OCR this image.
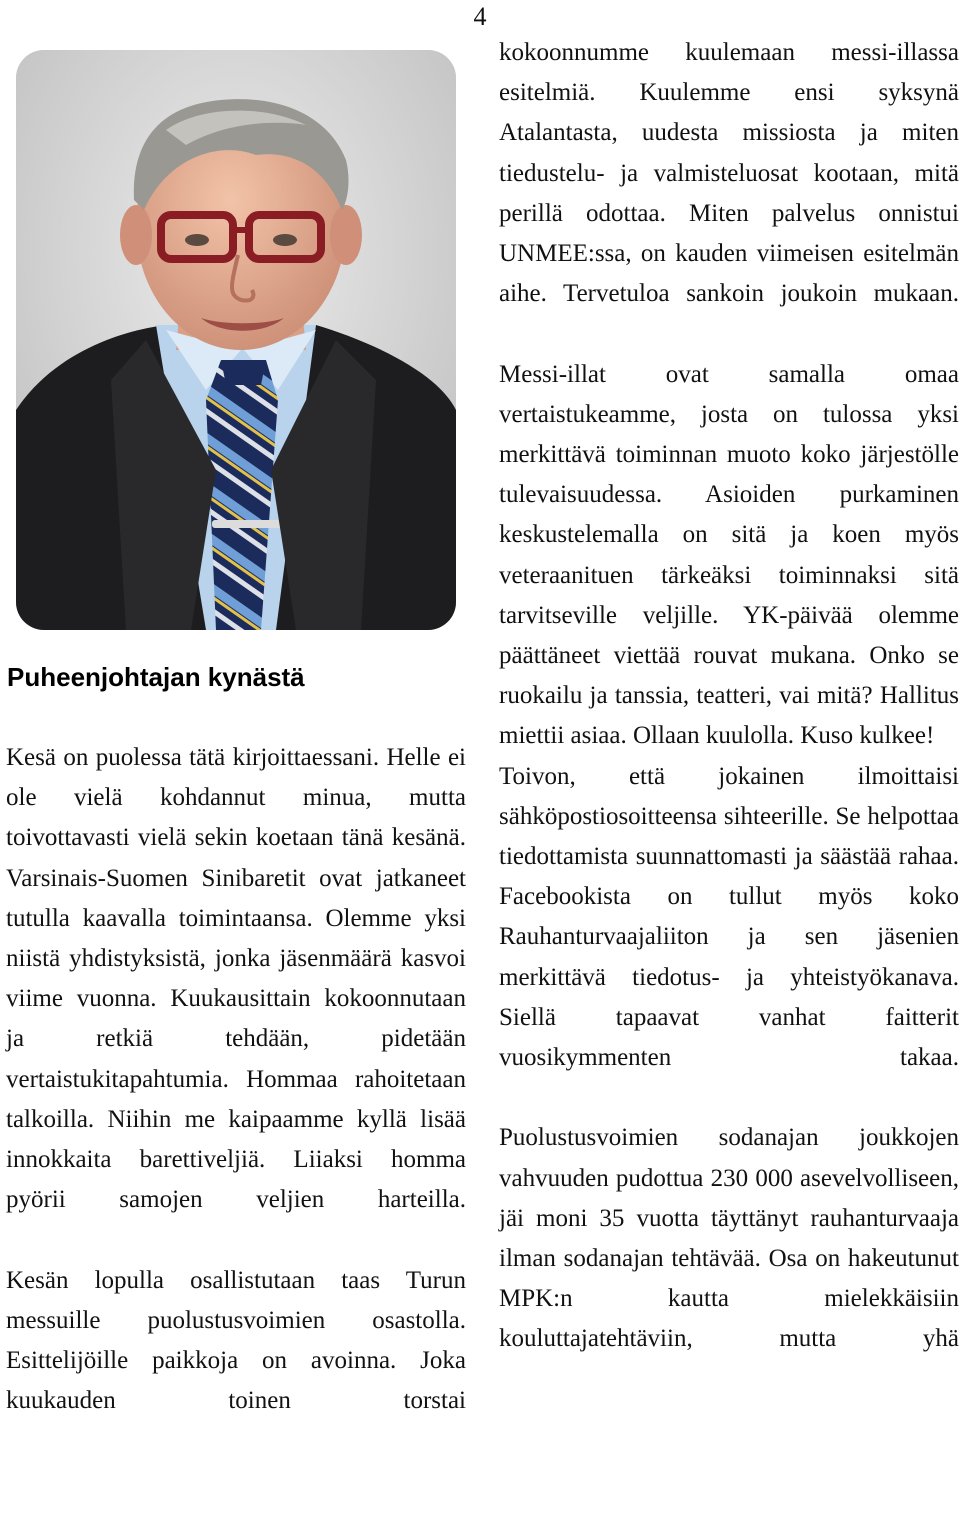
4
Puheenjohtajan kynästä

Kesä on puolessa tätä kirjoittaessani. Helle ei ole vielä kohdannut minua, mutta toivottavasti vielä sekin koetaan tänä kesänä. Varsinais-Suomen Sinibaretit ovat jatkaneet tutulla kaavalla toimintaansa. Olemme yksi niistä yhdistyksistä, jonka jäsenmäärä kasvoi viime vuonna. Kuukausittain kokoonnutaan ja retkiä tehdään, pidetään vertaistukitapahtumia. Hommaa rahoitetaan talkoilla. Niihin me kaipaamme kyllä lisää innokkaita barettiveljiä. Liiaksi homma pyörii samojen veljien harteilla.

Kesän lopulla osallistutaan taas Turun messuille puolustusvoimien osastolla. Esittelijöille paikkoja on avoinna. Joka kuukauden toinen torstai

kokoonnumme kuulemaan messi-illassa esitelmiä. Kuulemme ensi syksynä Atalantasta, uudesta missiosta ja miten tiedustelu- ja valmisteluosat kootaan, mitä perillä odottaa. Miten palvelus onnistui UNMEE:ssa, on kauden viimeisen esitelmän aihe. Tervetuloa sankoin joukoin mukaan.

Messi-illat ovat samalla omaa vertaistukeamme, josta on tulossa yksi merkittävä toiminnan muoto koko järjestölle tulevaisuudessa. Asioiden purkaminen keskustelemalla on sitä ja koen myös veteraanituen tärkeäksi toiminnaksi sitä tarvitseville veljille. YK-päivää olemme päättäneet viettää rouvat mukana. Onko se ruokailu ja tanssia, teatteri, vai mitä? Hallitus miettii asiaa. Ollaan kuulolla. Kuso kulkee!

Toivon, että jokainen ilmoittaisi sähköpostiosoitteensa sihteerille. Se helpottaa tiedottamista suunnattomasti ja säästää rahaa. Facebookista on tullut myös koko Rauhanturvaajaliiton ja sen jäsenien merkittävä tiedotus- ja yhteistyökanava. Siellä tapaavat vanhat faitterit vuosikymmenten takaa.

Puolustusvoimien sodanajan joukkojen vahvuuden pudottua 230 000 asevelvolliseen, jäi moni 35 vuotta täyttänyt rauhanturvaaja ilman sodanajan tehtävää. Osa on hakeutunut MPK:n kautta mielekkäisiin kouluttajatehtäviin, mutta yhä
